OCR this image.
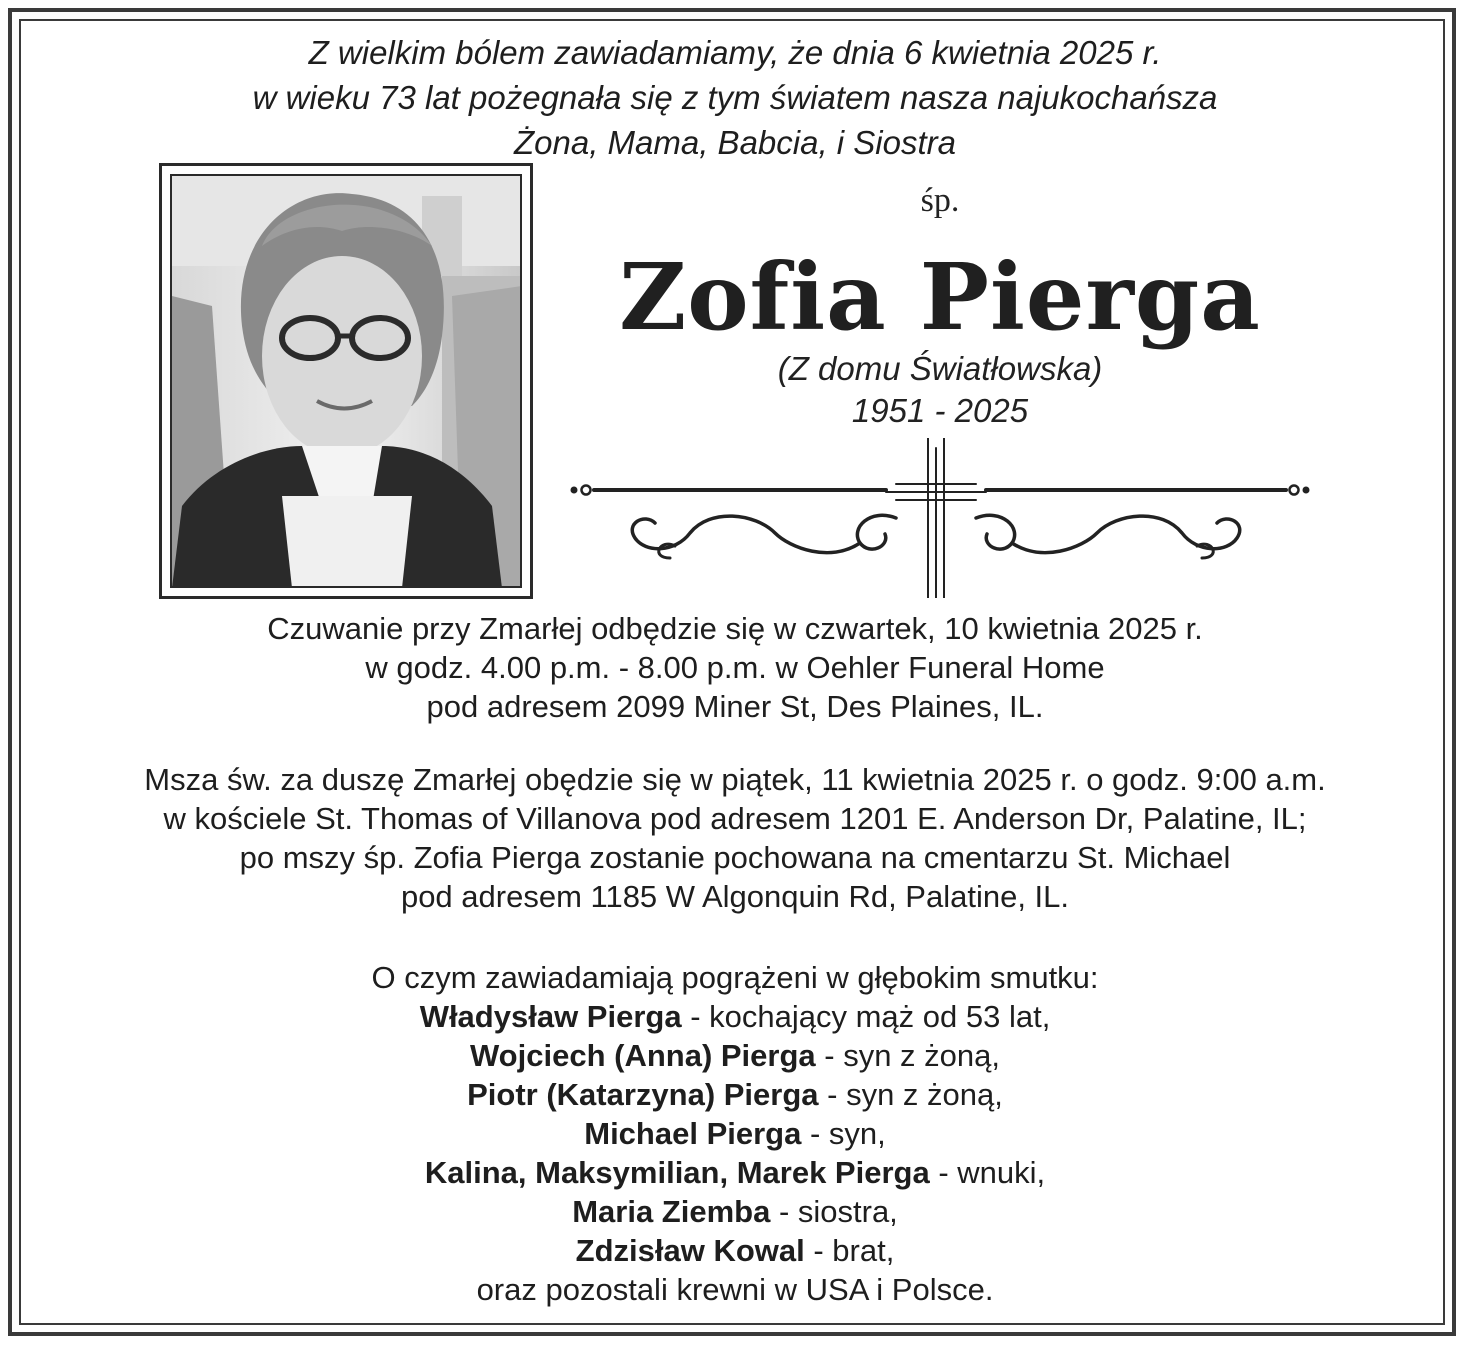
Z wielkim bólem zawiadamiamy, że dnia 6 kwietnia 2025 r.
w wieku 73 lat pożegnała się z tym światem nasza najukochańsza
Żona, Mama, Babcia, i Siostra
śp.
Zofia Pierga
(Z domu Światłowska)
1951 - 2025
Czuwanie przy Zmarłej odbędzie się w czwartek, 10 kwietnia 2025 r.
w godz. 4.00 p.m. - 8.00 p.m. w Oehler Funeral Home
pod adresem 2099 Miner St, Des Plaines, IL.
Msza św. za duszę Zmarłej obędzie się w piątek, 11 kwietnia 2025 r. o godz. 9:00 a.m.
w kościele St. Thomas of Villanova pod adresem 1201 E. Anderson Dr, Palatine, IL;
po mszy śp. Zofia Pierga zostanie pochowana na cmentarzu St. Michael
pod adresem 1185 W Algonquin Rd, Palatine, IL.
O czym zawiadamiają pogrążeni w głębokim smutku:
Władysław Pierga - kochający mąż od 53 lat,
Wojciech (Anna) Pierga - syn z żoną,
Piotr (Katarzyna) Pierga - syn z żoną,
Michael Pierga - syn,
Kalina, Maksymilian, Marek Pierga - wnuki,
Maria Ziemba - siostra,
Zdzisław Kowal - brat,
oraz pozostali krewni w USA i Polsce.
